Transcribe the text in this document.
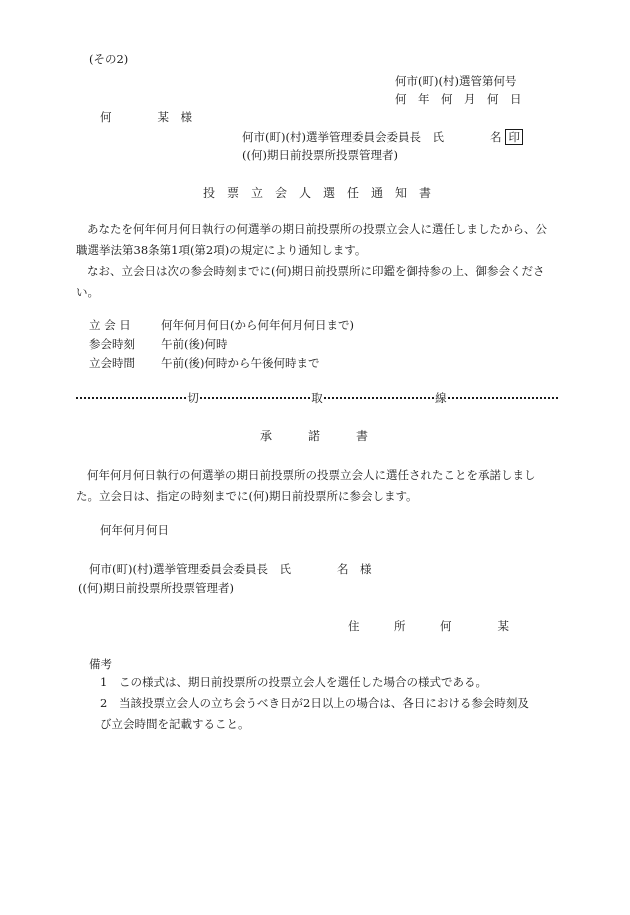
(その2)
何市(町)(村)選管第何号
何　年　何　月　何　日
何　　　　某　様
何市(町)(村)選挙管理委員会委員長　氏　　　　名 印
((何)期日前投票所投票管理者)
投　票　立　会　人　選　任　通　知　書
あなたを何年何月何日執行の何選挙の期日前投票所の投票立会人に選任しましたから、公職選挙法第38条第1項(第2項)の規定により通知します。
なお、立会日は次の参会時刻までに(何)期日前投票所に印鑑を御持参の上、御参会ください。
立 会 日	何年何月何日(から何年何月何日まで)
参会時刻 午前(後)何時
立会時間 午前(後)何時から午後何時まで
切	取	線
承　　　諾　　　書
何年何月何日執行の何選挙の期日前投票所の投票立会人に選任されたことを承諾しました。立会日は、指定の時刻までに(何)期日前投票所に参会します。
何年何月何日
何市(町)(村)選挙管理委員会委員長　氏　　　　名　様
((何)期日前投票所投票管理者)
住　　　所　　　何　　　　某
備考
1 この様式は、期日前投票所の投票立会人を選任した場合の様式である。
2 当該投票立会人の立ち会うべき日が2日以上の場合は、各日における参会時刻及び立会時間を記載すること。
